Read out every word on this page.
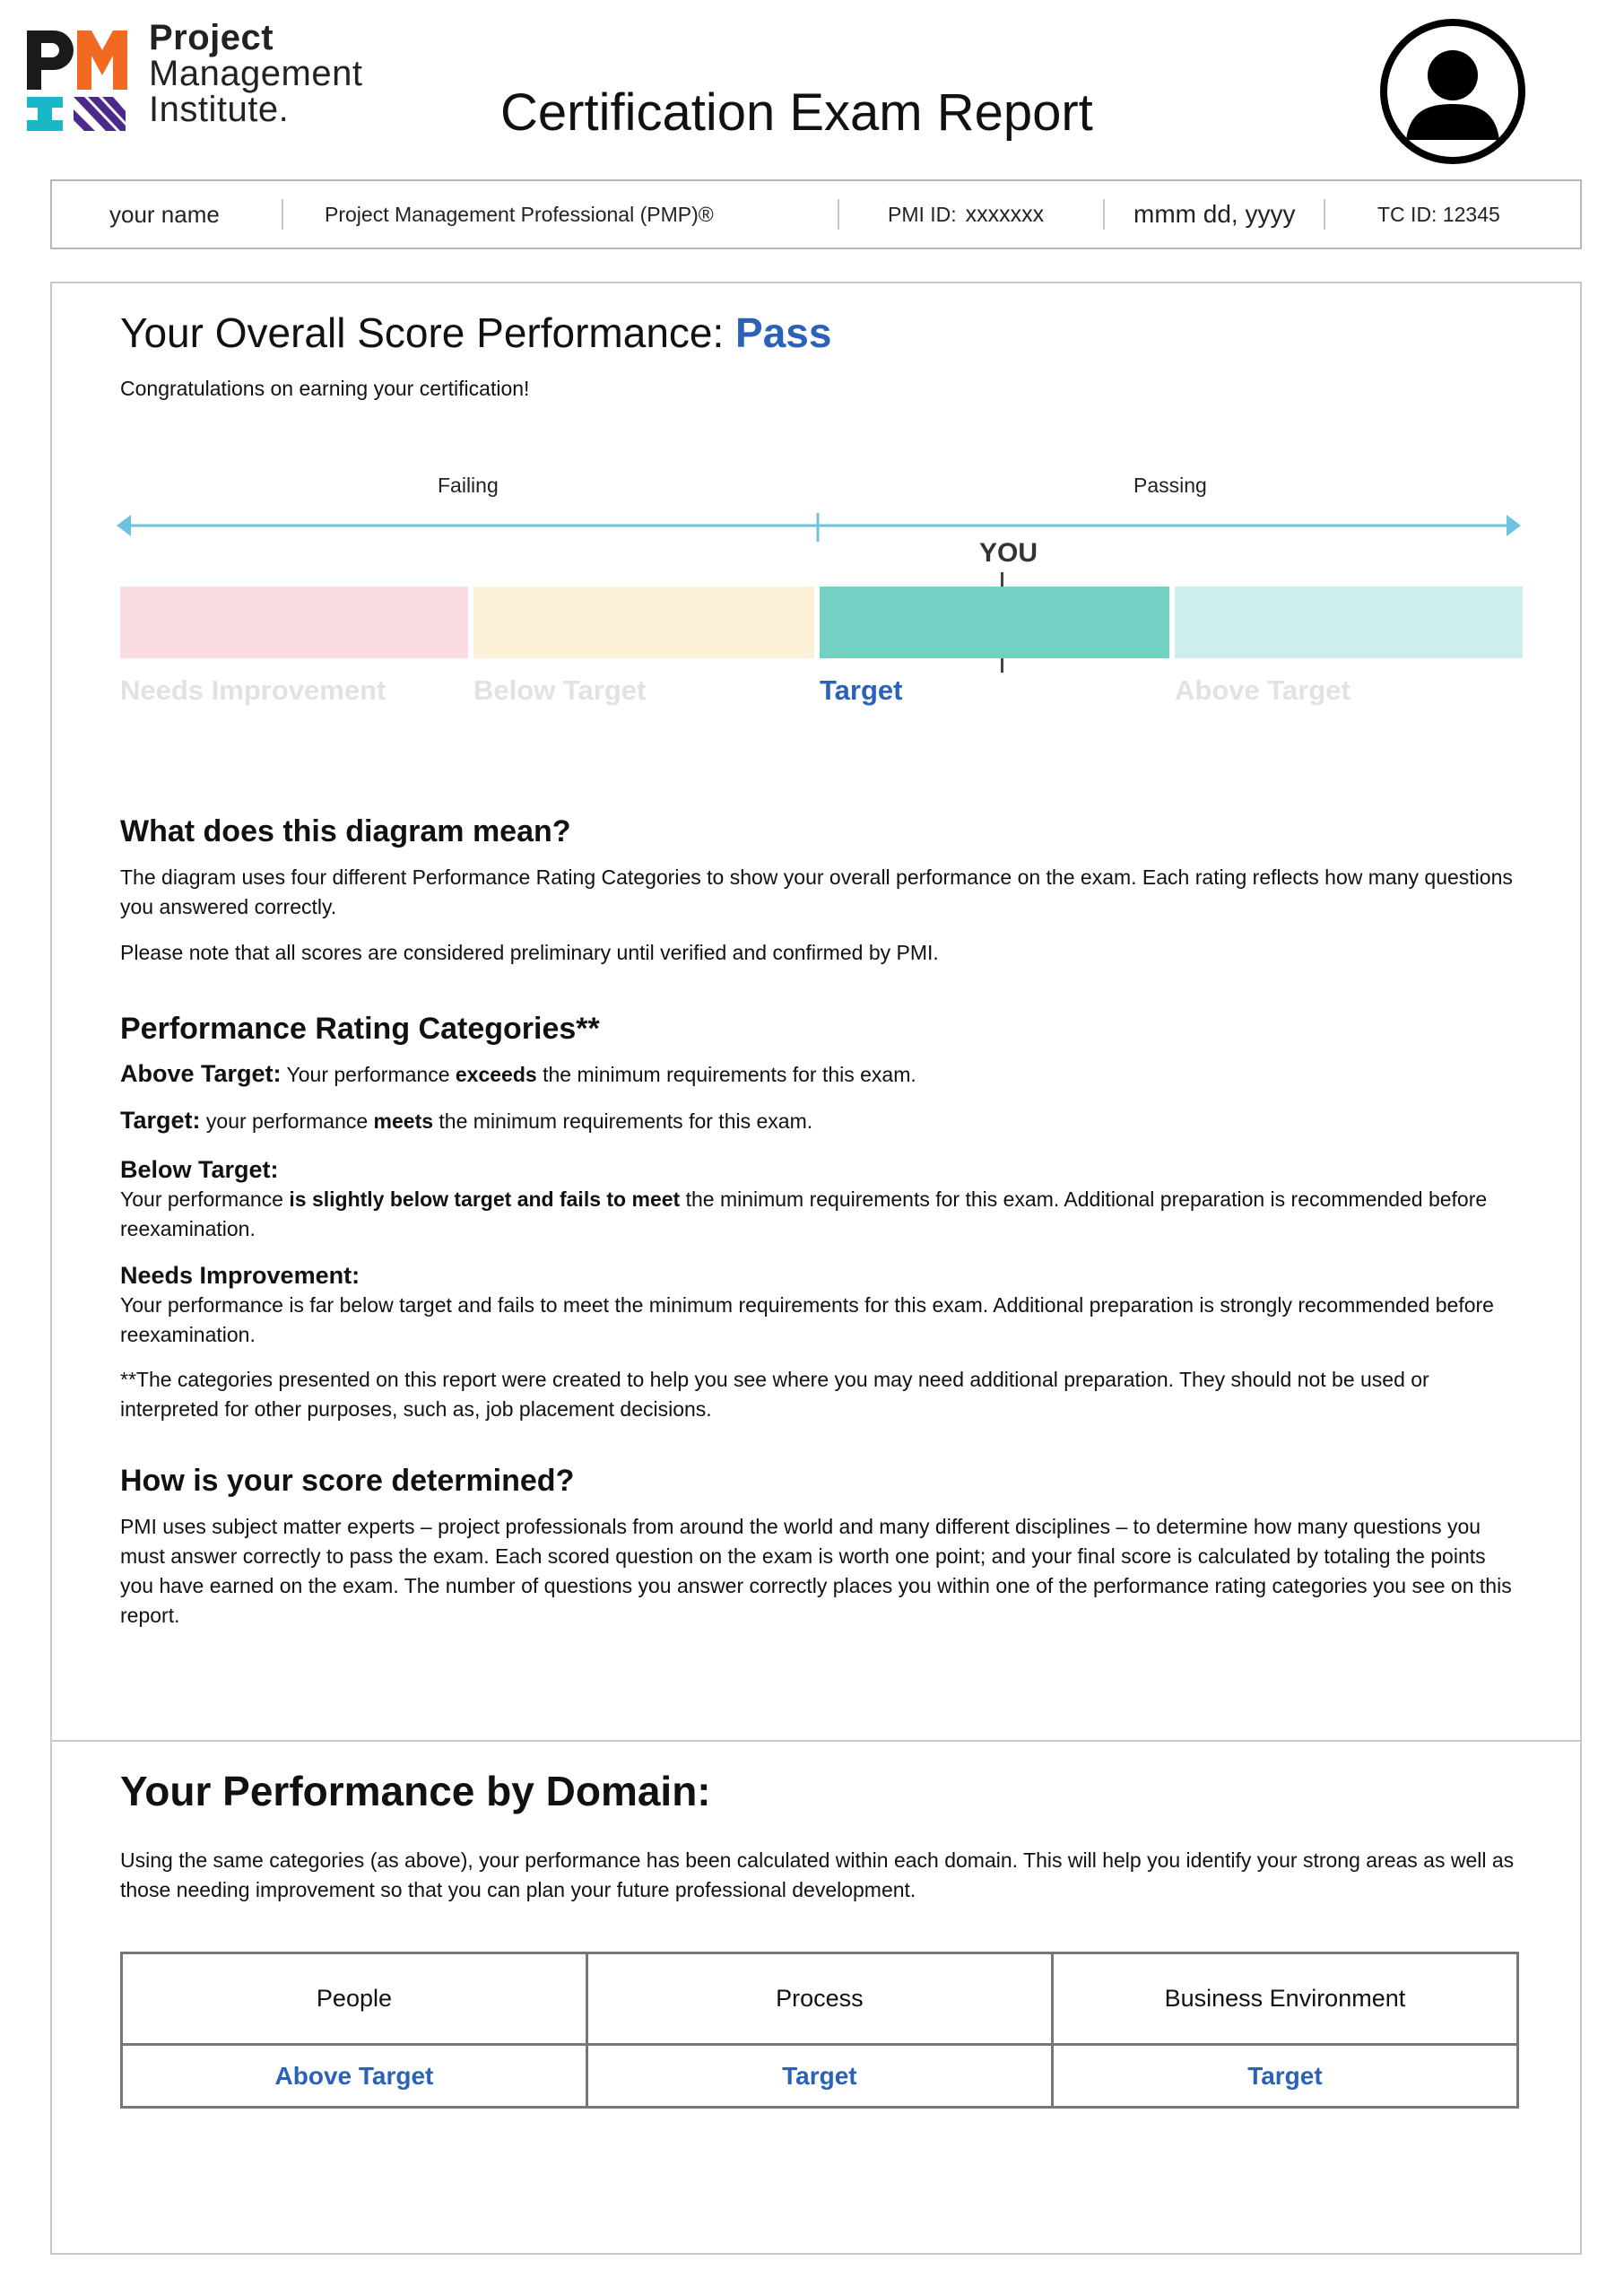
Project
Management
Institute.	Certification Exam Report
your name	Project Management Professional (PMP)®	PMI ID: xxxxxxx	mmm dd, yyyy	TC ID: 12345
Your Overall Score Performance: Pass
Congratulations on earning your certification!
Failing	Passing
YOU
Needs Improvement	Below Target	Target	Above Target
What does this diagram mean?
The diagram uses four different Performance Rating Categories to show your overall performance on the exam. Each rating reflects how many questions you answered correctly.
Please note that all scores are considered preliminary until verified and confirmed by PMI.
Performance Rating Categories**
Above Target: Your performance exceeds the minimum requirements for this exam.
Target: your performance meets the minimum requirements for this exam.
Below Target:
Your performance is slightly below target and fails to meet the minimum requirements for this exam. Additional preparation is recommended before reexamination.
Needs Improvement:
Your performance is far below target and fails to meet the minimum requirements for this exam. Additional preparation is strongly recommended before reexamination.
**The categories presented on this report were created to help you see where you may need additional preparation. They should not be used or interpreted for other purposes, such as, job placement decisions.
How is your score determined?
PMI uses subject matter experts – project professionals from around the world and many different disciplines – to determine how many questions you must answer correctly to pass the exam. Each scored question on the exam is worth one point; and your final score is calculated by totaling the points you have earned on the exam. The number of questions you answer correctly places you within one of the performance rating categories you see on this report.
Your Performance by Domain:
Using the same categories (as above), your performance has been calculated within each domain. This will help you identify your strong areas as well as those needing improvement so that you can plan your future professional development.
People	Process	Business Environment
Above Target	Target	Target
